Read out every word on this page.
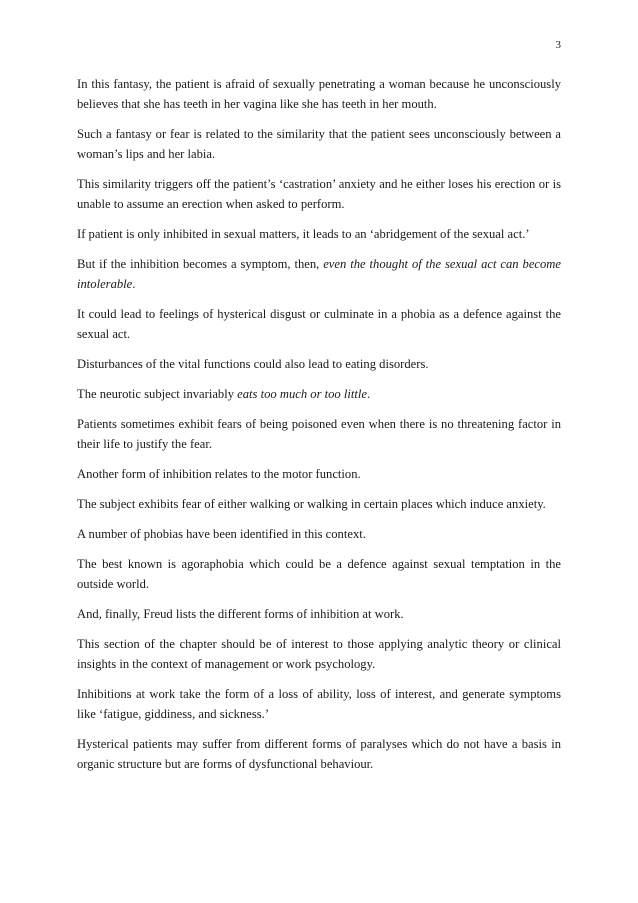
3

In this fantasy, the patient is afraid of sexually penetrating a woman because he unconsciously believes that she has teeth in her vagina like she has teeth in her mouth.

Such a fantasy or fear is related to the similarity that the patient sees unconsciously between a woman’s lips and her labia.

This similarity triggers off the patient’s ‘castration’ anxiety and he either loses his erection or is unable to assume an erection when asked to perform.

If patient is only inhibited in sexual matters, it leads to an ‘abridgement of the sexual act.’

But if the inhibition becomes a symptom, then, even the thought of the sexual act can become intolerable.

It could lead to feelings of hysterical disgust or culminate in a phobia as a defence against the sexual act.

Disturbances of the vital functions could also lead to eating disorders.

The neurotic subject invariably eats too much or too little.

Patients sometimes exhibit fears of being poisoned even when there is no threatening factor in their life to justify the fear.

Another form of inhibition relates to the motor function.

The subject exhibits fear of either walking or walking in certain places which induce anxiety.

A number of phobias have been identified in this context.

The best known is agoraphobia which could be a defence against sexual temptation in the outside world.

And, finally, Freud lists the different forms of inhibition at work.

This section of the chapter should be of interest to those applying analytic theory or clinical insights in the context of management or work psychology.

Inhibitions at work take the form of a loss of ability, loss of interest, and generate symptoms like ‘fatigue, giddiness, and sickness.’

Hysterical patients may suffer from different forms of paralyses which do not have a basis in organic structure but are forms of dysfunctional behaviour.
